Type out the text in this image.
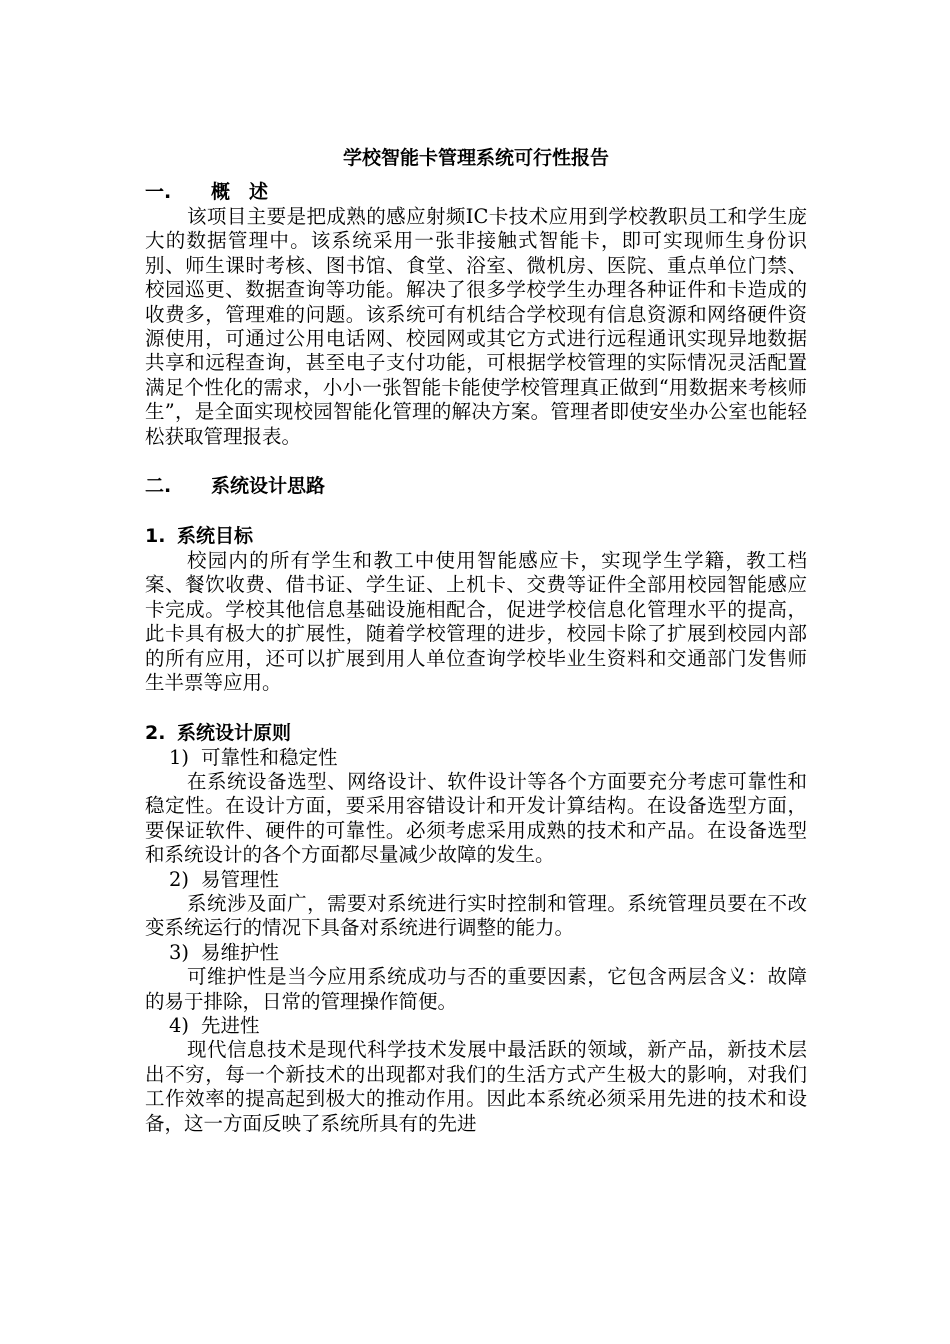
学校智能卡管理系统可行性报告
一. 概　述

该项目主要是把成熟的感应射频IC卡技术应用到学校教职员工和学生庞大的数据管理中。该系统采用一张非接触式智能卡，即可实现师生身份识别、师生课时考核、图书馆、食堂、浴室、微机房、医院、重点单位门禁、校园巡更、数据查询等功能。解决了很多学校学生办理各种证件和卡造成的收费多，管理难的问题。该系统可有机结合学校现有信息资源和网络硬件资源使用，可通过公用电话网、校园网或其它方式进行远程通讯实现异地数据共享和远程查询，甚至电子支付功能，可根据学校管理的实际情况灵活配置满足个性化的需求，小小一张智能卡能使学校管理真正做到“用数据来考核师生”，是全面实现校园智能化管理的解决方案。管理者即使安坐办公室也能轻松获取管理报表。

二. 系统设计思路
1. 系统目标

校园内的所有学生和教工中使用智能感应卡，实现学生学籍，教工档案、餐饮收费、借书证、学生证、上机卡、交费等证件全部用校园智能感应卡完成。学校其他信息基础设施相配合，促进学校信息化管理水平的提高，此卡具有极大的扩展性，随着学校管理的进步，校园卡除了扩展到校园内部的所有应用，还可以扩展到用人单位查询学校毕业生资料和交通部门发售师生半票等应用。

2. 系统设计原则
1) 可靠性和稳定性

在系统设备选型、网络设计、软件设计等各个方面要充分考虑可靠性和稳定性。在设计方面，要采用容错设计和开发计算结构。在设备选型方面，要保证软件、硬件的可靠性。必须考虑采用成熟的技术和产品。在设备选型和系统设计的各个方面都尽量减少故障的发生。

2) 易管理性

系统涉及面广，需要对系统进行实时控制和管理。系统管理员要在不改变系统运行的情况下具备对系统进行调整的能力。

3) 易维护性

可维护性是当今应用系统成功与否的重要因素，它包含两层含义：故障的易于排除，日常的管理操作简便。

4) 先进性

现代信息技术是现代科学技术发展中最活跃的领域，新产品，新技术层出不穷，每一个新技术的出现都对我们的生活方式产生极大的影响，对我们工作效率的提高起到极大的推动作用。因此本系统必须采用先进的技术和设备，这一方面反映了系统所具有的先进
